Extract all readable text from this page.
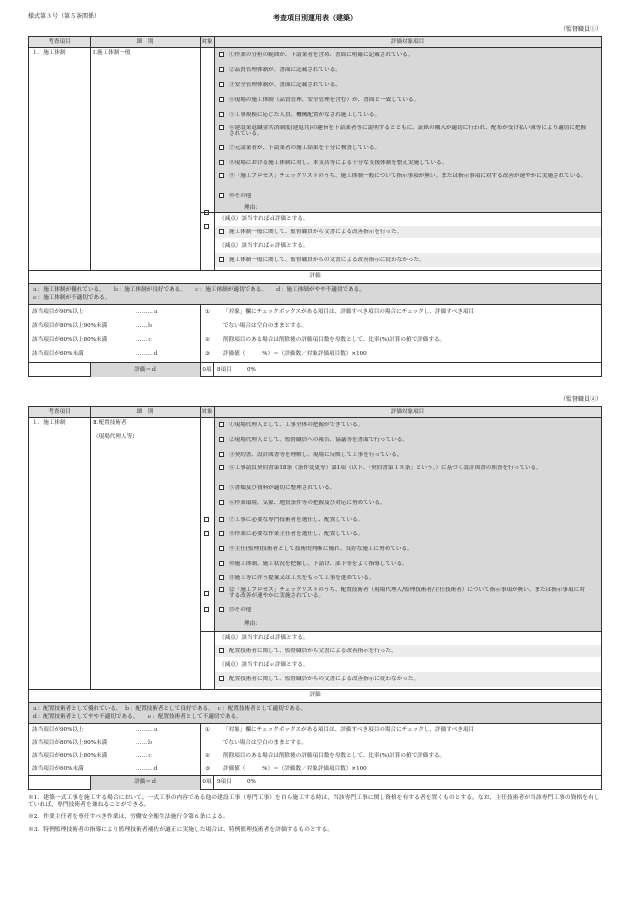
様式第３号（第５条関係）	考査項目別運用表（建築）
（監督職員①）
考査項目	細　別	対象	評価対象項目
１．施工体制	Ⅰ.施工体制一般	①作業の分担の範囲が、下請業者を含め、書面に明確に記載されている。
②品質管理体制が、書面に記載されている。
③安全管理体制が、書面に記載されている。
④現場の施工体制（品質管理、安全管理を含む）が、書面と一致している。
⑤工事規模に応じた人員、機械配置がなされ施工している。
⑥建設業退職金共済制度(建退共)の趣旨を下請業者等に説明するとともに、証紙の購入が適切に行われ、配布が受け払い簿等により適切に把握されている。
⑦元請業者が、下請業者の施工結果を十分に検査している。
⑧現場における施工体制に対し、本支店等による十分な支援体制を整え実施している。
⑨「施工プロセス」チェックリストのうち、施工体制一般について指示事項が無い。または指示事項に対する改善が速やかに実施されている。
⑩その他
理由：
（減点）該当すればｄ評価とする。
施工体制一般に関して、監督職員から文書による改善指示を行った。
（減点）該当すればｅ評価とする。
施工体制一般に関して、監督職員からの文書による改善指示に従わなかった。
評価
ａ：施工体制が優れている。　　ｂ：施工体制が良好である。　　ｃ：施工体制が適切である。　　ｄ：施工体制がやや不適切である。
ｅ：施工体制が不適切である。
該当項目が90%以上	………ａ
該当項目が80%以上90%未満	……ｂ
該当項目が60%以上80%未満	……ｃ
該当項目が60%未満	………ｄ
① 「対象」欄にチェックボックスがある項目は、評価すべき項目の場合にチェックし、評価すべき項目
でない場合は空白のままとする。
② 削除項目のある場合は削除後の評価項目数を母数として、比率(%)計算の値で評価する。
③ 評価値（　　　%）＝（評価数／対象評価項目数）×100
評価＝ｄ	0項 8項目	0%
（監督職員②）
考査項目	細　別	対象	評価対象項目
１．施工体制	Ⅱ.配置技術者
（現場代理人等）
①現場代理人として、工事全体の把握ができている。
②現場代理人として、監督職員への報告、協議等を書面で行っている。
③契約書、設計図書等を理解し、現場に反映して工事を行っている。
④工事請負契約書第18条（条件変更等）第1項（以下、「契約書第１８条」という。）に基づく設計図書の照査を行っている。
⑤書類及び資料が適切に整理されている。
⑥作業環境、気象、地質条件等の把握及び対応に努めている。
⑦工事に必要な専門技術者を選任し、配置している。
⑧作業に必要な作業主任者を選任し、配置している。
⑨主任(監理)技術者として技術的判断に優れ、良好な施工に努めている。
⑩施工体制、施工状況を把握し、下請け、部下等をよく指導している。
⑪施工等に伴う提案又は工夫をもって工事を進めている。
⑫「施工プロセス」チェックリストのうち、配置技術者（現場代理人/監理技術者/主任技術者）について指示事項が無い。または指示事項に対する改善が速やかに実施されている。
⑬その他
理由：
（減点）該当すればｄ評価とする。
配置技術者に関して、監督職員から文書による改善指示を行った。
（減点）該当すればｅ評価とする。
配置技術者に関して、監督職員からの文書による改善指示に従わなかった。
評価
ａ：配置技術者として優れている。　ｂ：配置技術者として良好である。　ｃ：配置技術者として適切である。
ｄ：配置技術者としてやや不適切である。　　ｅ：配置技術者として不適切である。
該当項目が90%以上	………ａ
該当項目が80%以上90%未満	……ｂ
該当項目が60%以上80%未満	……ｃ
該当項目が60%未満	………ｄ
① 「対象」欄にチェックボックスがある項目は、評価すべき項目の場合にチェックし、評価すべき項目
でない場合は空白のままとする。
② 削除項目のある場合は削除後の評価項目数を母数として、比率(%)計算の値で評価する。
③ 評価値（　　　%）＝（評価数／対象評価項目数）×100
評価＝ｄ	0項 9項目	0%
※1．建築一式工事を施工する場合において、一式工事の内容である他の建設工事（専門工事）を自ら施工する時は、当該専門工事に関し資格を有する者を置くものとする。なお、主任技術者が当該専門工事の資格を有していれば、専門技術者を兼ねることができる。
※2．作業主任者を専任すべき作業は、労働安全衛生法施行令第６条による。
※3．特例監理技術者の指導により監理技術者補佐が適正に実施した場合は、特例監理技術者を評価するものとする。
